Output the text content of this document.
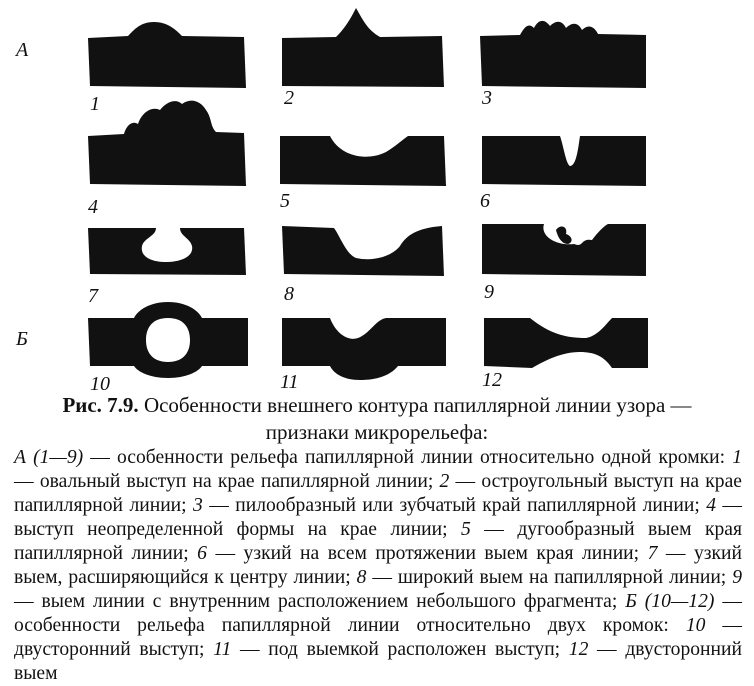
А
Б
1	2	3
4	5	6
7	8	9
10	11	12
Рис. 7.9. Особенности внешнего контура папиллярной линии узора —
признаки микрорельефа:
А (1—9) — особенности рельефа папиллярной линии относительно одной кромки: 1 — овальный выступ на крае папиллярной линии; 2 — остроугольный выступ на крае папиллярной линии; 3 — пилообразный или зубчатый край папиллярной линии; 4 — выступ неопределенной формы на крае линии; 5 — дугообразный выем края папиллярной линии; 6 — узкий на всем протяжении выем края линии; 7 — узкий выем, расширяющийся к центру линии; 8 — широкий выем на папиллярной линии; 9 — выем линии с внутренним расположением небольшого фрагмента; Б (10—12) — особенности рельефа папиллярной линии относительно двух кромок: 10 — двусторонний выступ; 11 — под выемкой расположен выступ; 12 — двусторонний выем
